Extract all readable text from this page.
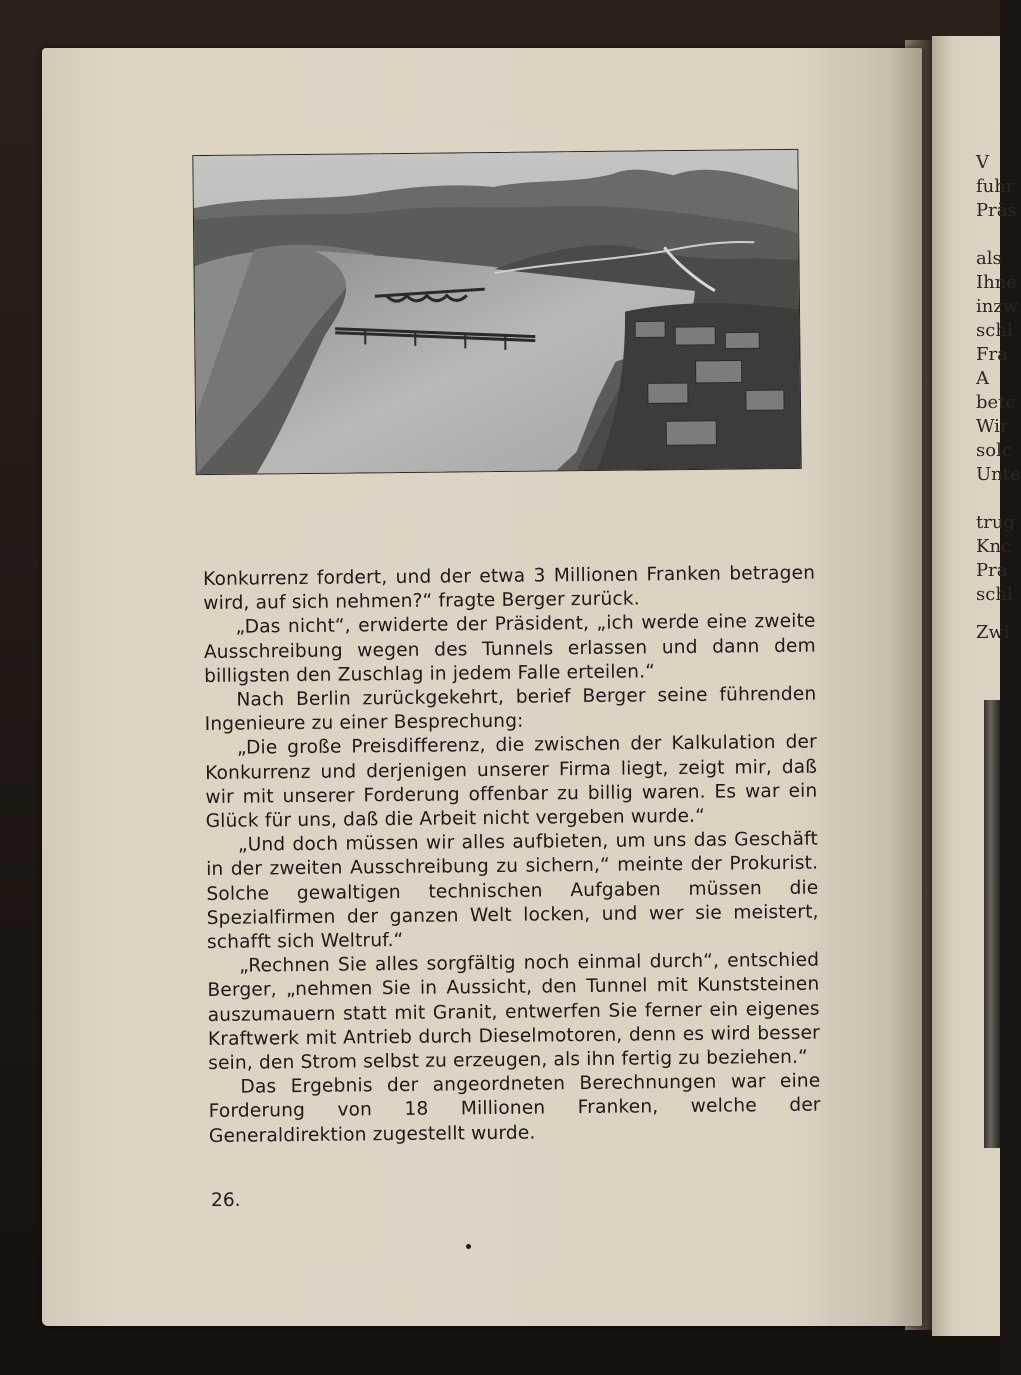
V
fuhr
Präs
als
Ihne
inzw
schl
Fra
A
betc
Wir
solc
Unte
trug
Knc
Pra
schl
Zwi

Konkurrenz fordert, und der etwa 3 Millionen Franken betragen wird, auf sich nehmen?“ fragte Berger zurück.

„Das nicht“, erwiderte der Präsident, „ich werde eine zweite Ausschreibung wegen des Tunnels erlassen und dann dem billigsten den Zuschlag in jedem Falle erteilen.“

Nach Berlin zurückgekehrt, berief Berger seine führenden Ingenieure zu einer Besprechung:

„Die große Preisdifferenz, die zwischen der Kalkulation der Konkurrenz und derjenigen unserer Firma liegt, zeigt mir, daß wir mit unserer Forderung offenbar zu billig waren. Es war ein Glück für uns, daß die Arbeit nicht vergeben wurde.“

„Und doch müssen wir alles aufbieten, um uns das Geschäft in der zweiten Ausschreibung zu sichern,“ meinte der Prokurist. Solche gewaltigen technischen Aufgaben müssen die Spezialfirmen der ganzen Welt locken, und wer sie meistert, schafft sich Weltruf.“

„Rechnen Sie alles sorgfältig noch einmal durch“, entschied Berger, „nehmen Sie in Aussicht, den Tunnel mit Kunststeinen auszumauern statt mit Granit, entwerfen Sie ferner ein eigenes Kraftwerk mit Antrieb durch Dieselmotoren, denn es wird besser sein, den Strom selbst zu erzeugen, als ihn fertig zu beziehen.“

Das Ergebnis der angeordneten Berechnungen war eine Forderung von 18 Millionen Franken, welche der Generaldirektion zugestellt wurde.

26.
